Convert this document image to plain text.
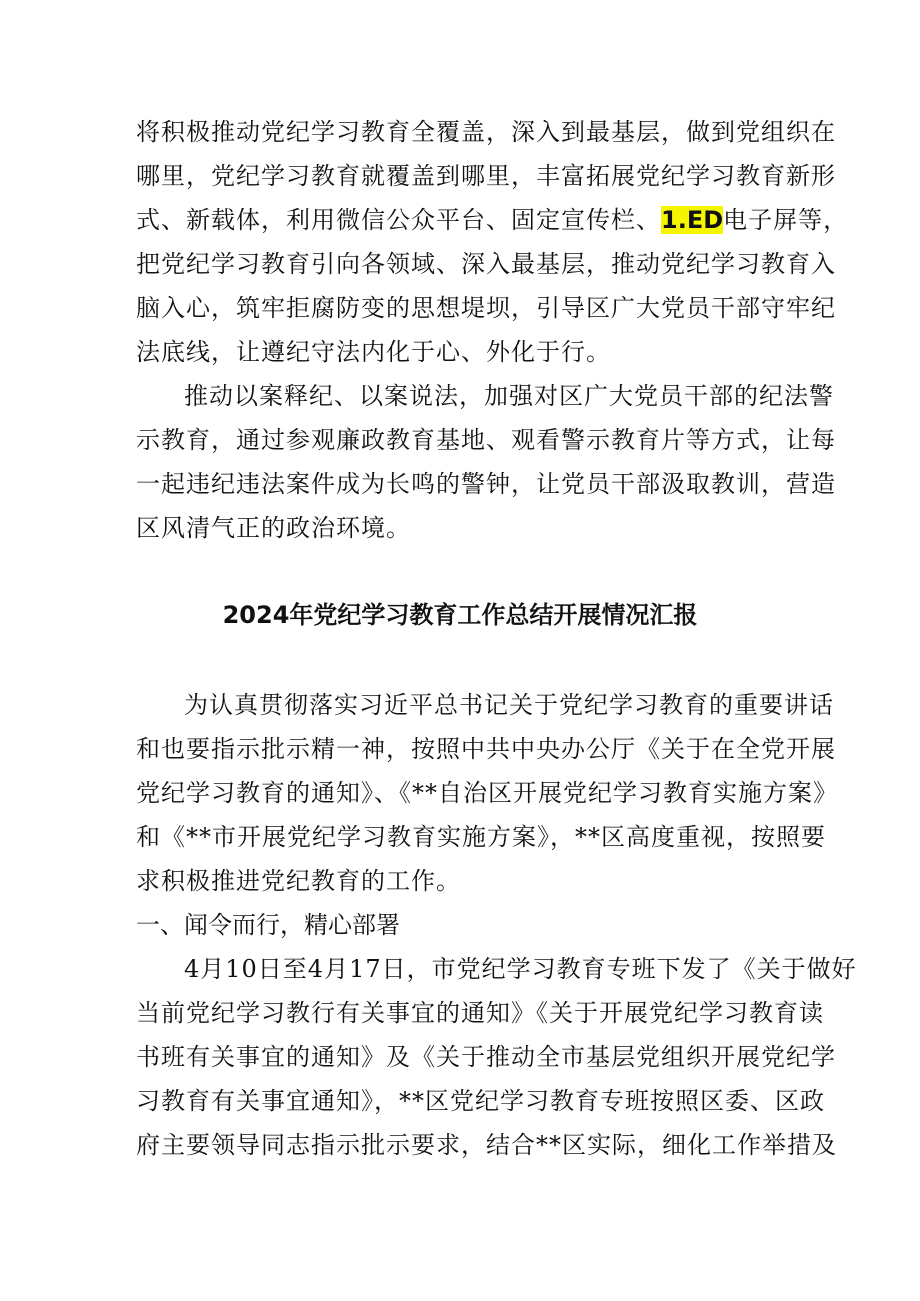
将积极推动党纪学习教育全覆盖，深入到最基层，做到党组织在
哪里，党纪学习教育就覆盖到哪里，丰富拓展党纪学习教育新形
式、新载体，利用微信公众平台、固定宣传栏、1.ED电子屏等，
把党纪学习教育引向各领域、深入最基层，推动党纪学习教育入
脑入心，筑牢拒腐防变的思想堤坝，引导区广大党员干部守牢纪
法底线，让遵纪守法内化于心、外化于行。
推动以案释纪、以案说法，加强对区广大党员干部的纪法警
示教育，通过参观廉政教育基地、观看警示教育片等方式，让每
一起违纪违法案件成为长鸣的警钟，让党员干部汲取教训，营造
区风清气正的政治环境。
2024年党纪学习教育工作总结开展情况汇报
为认真贯彻落实习近平总书记关于党纪学习教育的重要讲话
和也要指示批示精一神，按照中共中央办公厅《关于在全党开展
党纪学习教育的通知》、《**自治区开展党纪学习教育实施方案》
和《**市开展党纪学习教育实施方案》，**区高度重视，按照要
求积极推进党纪教育的工作。
一、闻令而行，精心部署
4月10日至4月17日，市党纪学习教育专班下发了《关于做好
当前党纪学习教行有关事宜的通知》《关于开展党纪学习教育读
书班有关事宜的通知》及《关于推动全市基层党组织开展党纪学
习教育有关事宜通知》，**区党纪学习教育专班按照区委、区政
府主要领导同志指示批示要求，结合**区实际，细化工作举措及
